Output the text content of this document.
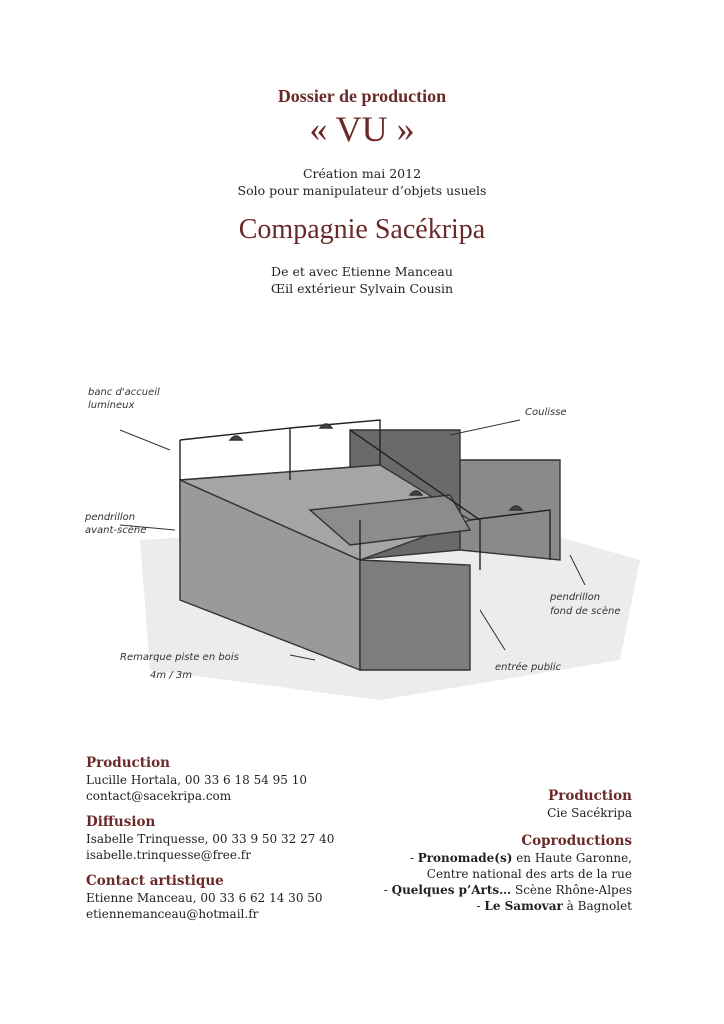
Dossier de production
« VU »
Création mai 2012
Solo pour manipulateur d’objets usuels
Compagnie Sacékripa
De et avec Etienne Manceau
Œil extérieur Sylvain Cousin
banc d'accueil
lumineux
Coulisse
pendrillon
avant-scène
pendrillon
fond de scène
Remarque piste en bois
4m / 3m
entrée public
Production
Lucille Hortala, 00 33 6 18 54 95 10
contact@sacekripa.com
Diffusion
Isabelle Trinquesse, 00 33 9 50 32 27 40
isabelle.trinquesse@free.fr
Contact artistique
Etienne Manceau, 00 33 6 62 14 30 50
etiennemanceau@hotmail.fr
Production
Cie Sacékripa
Coproductions
- Pronomade(s) en Haute Garonne,
Centre national des arts de la rue
- Quelques p’Arts… Scène Rhône-Alpes
- Le Samovar à Bagnolet
